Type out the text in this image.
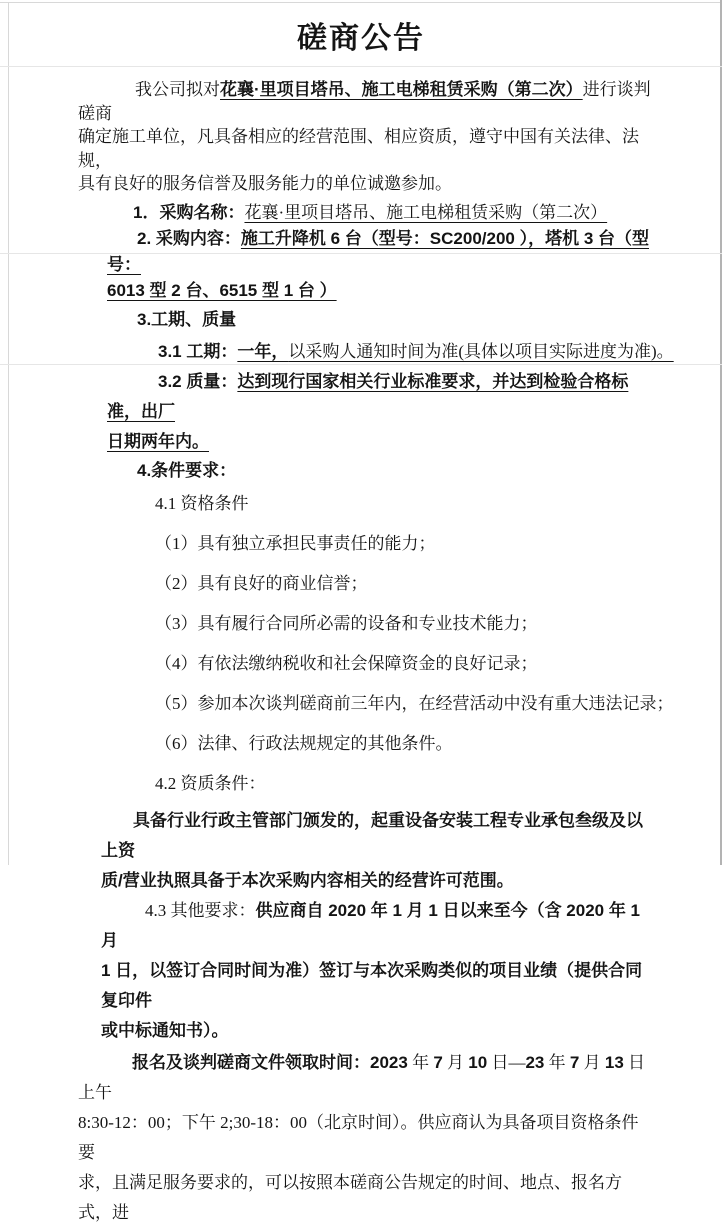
磋商公告

我公司拟对花襄·里项目塔吊、施工电梯租赁采购（第二次）进行谈判磋商
确定施工单位，凡具备相应的经营范围、相应资质，遵守中国有关法律、法规，
具有良好的服务信誉及服务能力的单位诚邀参加。

1．采购名称：花襄·里项目塔吊、施工电梯租赁采购（第二次）

2. 采购内容：施工升降机 6 台（型号：SC200/200 ），塔机 3 台（型号：
6013 型 2 台、6515 型 1 台 ）

3.工期、质量

3.1 工期：一年，以采购人通知时间为准(具体以项目实际进度为准)。

3.2 质量：达到现行国家相关行业标准要求，并达到检验合格标准，出厂
日期两年内。

4.条件要求：

4.1 资格条件

（1）具有独立承担民事责任的能力；

（2）具有良好的商业信誉；

（3）具有履行合同所必需的设备和专业技术能力；

（4）有依法缴纳税收和社会保障资金的良好记录；

（5）参加本次谈判磋商前三年内，在经营活动中没有重大违法记录；

（6）法律、行政法规规定的其他条件。

4.2 资质条件：

具备行业行政主管部门颁发的，起重设备安装工程专业承包叁级及以上资
质/营业执照具备于本次采购内容相关的经营许可范围。

4.3 其他要求：供应商自 2020 年 1 月 1 日以来至今（含 2020 年 1 月
1 日，以签订合同时间为准）签订与本次采购类似的项目业绩（提供合同复印件
或中标通知书）。

报名及谈判磋商文件领取时间：2023 年 7 月 10 日—23 年 7 月 13 日上午
8:30-12：00；下午 2;30-18：00（北京时间）。供应商认为具备项目资格条件要
求，且满足服务要求的，可以按照本磋商公告规定的时间、地点、报名方式，进
